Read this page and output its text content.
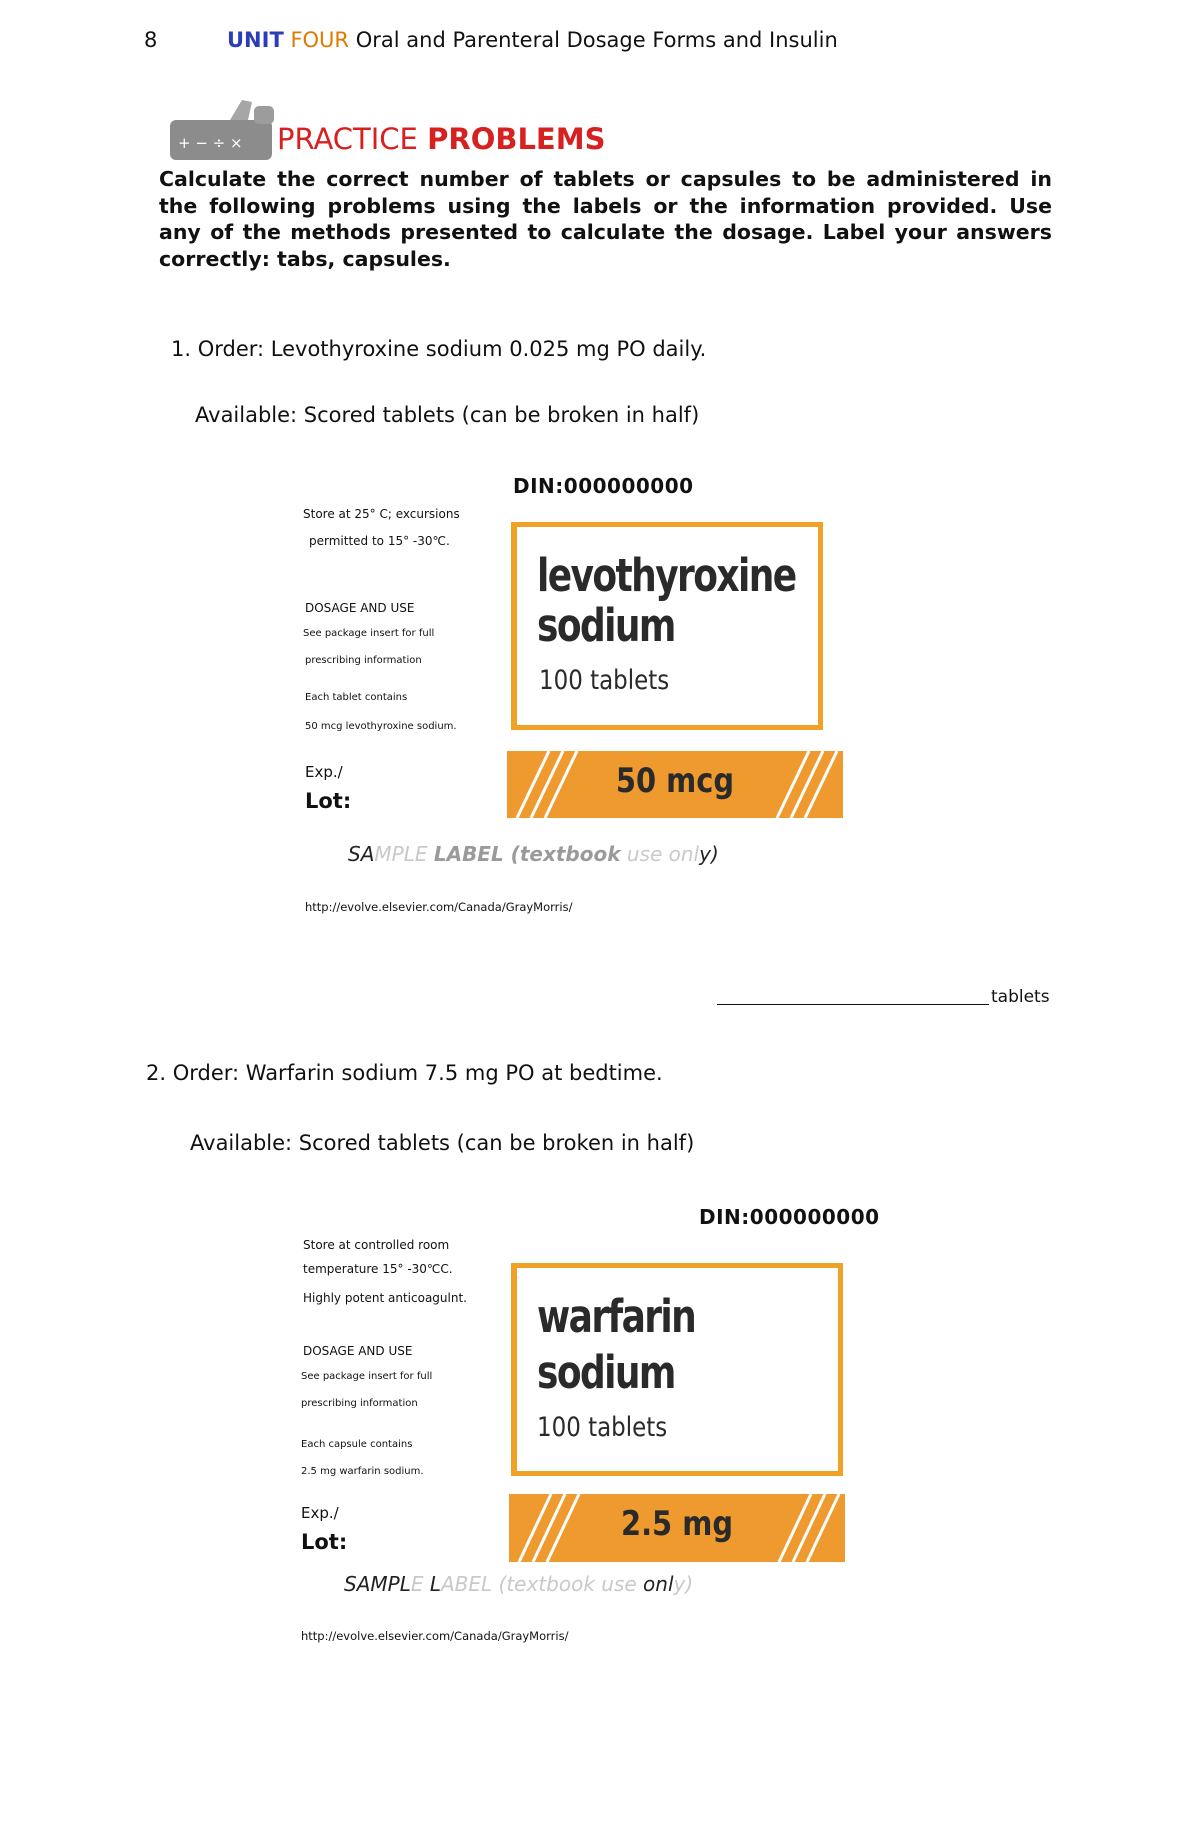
8	UNIT FOUR Oral and Parenteral Dosage Forms and Insulin
+ − ÷ × PRACTICE PROBLEMS
Calculate the correct number of tablets or capsules to be administered in the following problems using the labels or the information provided. Use any of the methods presented to calculate the dosage. Label your answers correctly: tabs, capsules.
1. Order: Levothyroxine sodium 0.025 mg PO daily.
Available: Scored tablets (can be broken in half)
DIN:000000000
Store at 25° C; excursions
permitted to 15° -30℃.
DOSAGE AND USE
See package insert for full
prescribing information
Each tablet contains
50 mcg levothyroxine sodium.
Exp./
Lot:
levothyroxine
sodium
100 tablets
50 mcg
SAMPLE LABEL (textbook use only)
http://evolve.elsevier.com/Canada/GrayMorris/
tablets
2. Order: Warfarin sodium 7.5 mg PO at bedtime.
Available: Scored tablets (can be broken in half)
DIN:000000000
Store at controlled room
temperature 15° -30℃C.
Highly potent anticoagulnt.
DOSAGE AND USE
See package insert for full
prescribing information
Each capsule contains
2.5 mg warfarin sodium.
Exp./
Lot:
warfarin
sodium
100 tablets
2.5 mg
SAMPLE LABEL (textbook use only)
http://evolve.elsevier.com/Canada/GrayMorris/
